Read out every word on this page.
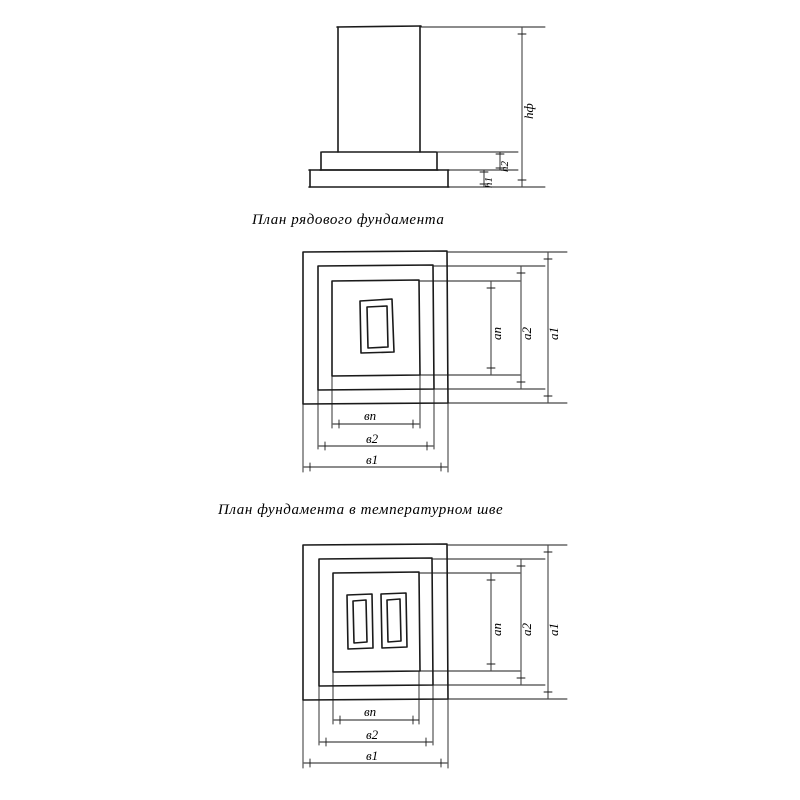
План рядового фундамента
План фундамента в температурном шве
hф
h2
h1
aп a2 a1
вп
в2
в1
aп a2 a1
вп
в2
в1
